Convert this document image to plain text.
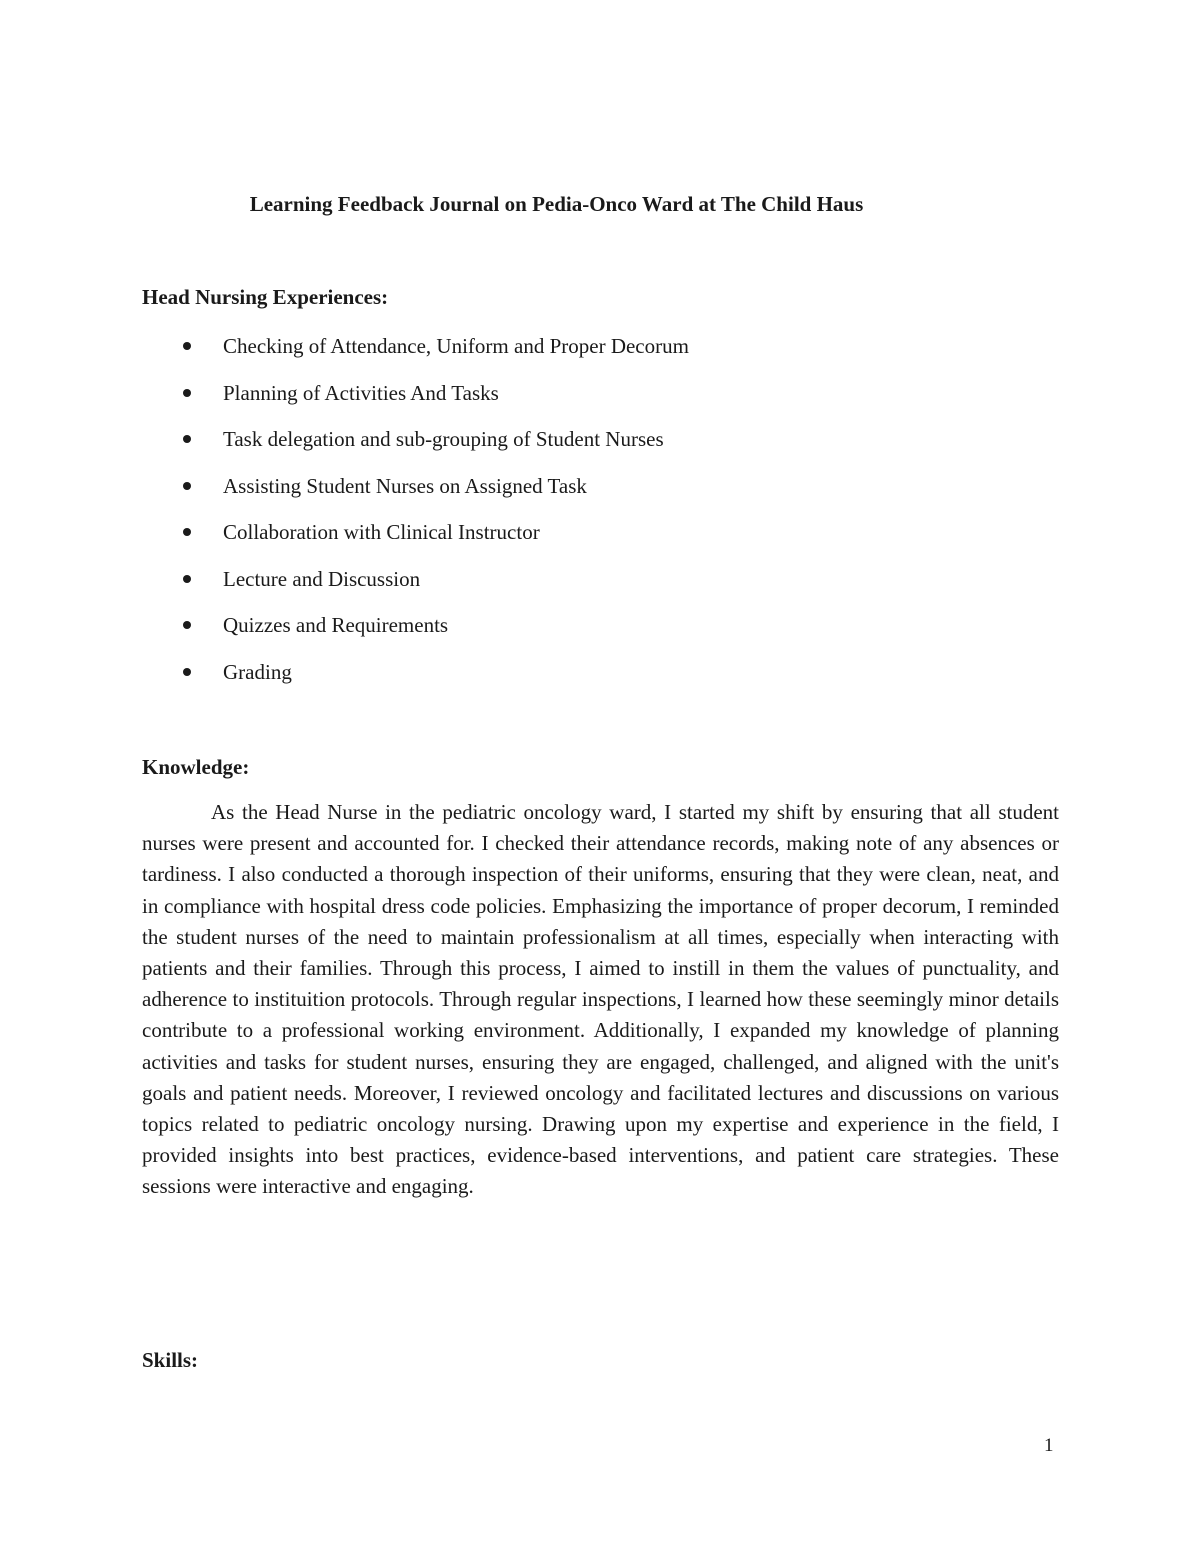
Learning Feedback Journal on Pedia-Onco Ward at The Child Haus
Head Nursing Experiences:
Checking of Attendance, Uniform and Proper Decorum
Planning of Activities And Tasks
Task delegation and sub-grouping of Student Nurses
Assisting Student Nurses on Assigned Task
Collaboration with Clinical Instructor
Lecture and Discussion
Quizzes and Requirements
Grading
Knowledge:

As the Head Nurse in the pediatric oncology ward, I started my shift by ensuring that all student nurses were present and accounted for. I checked their attendance records, making note of any absences or tardiness. I also conducted a thorough inspection of their uniforms, ensuring that they were clean, neat, and in compliance with hospital dress code policies. Emphasizing the importance of proper decorum, I reminded the student nurses of the need to maintain professionalism at all times, especially when interacting with patients and their families. Through this process, I aimed to instill in them the values of punctuality, and adherence to instituition protocols. Through regular inspections, I learned how these seemingly minor details contribute to a professional working environment. Additionally, I expanded my knowledge of planning activities and tasks for student nurses, ensuring they are engaged, challenged, and aligned with the unit's goals and patient needs. Moreover, I reviewed oncology and facilitated lectures and discussions on various topics related to pediatric oncology nursing. Drawing upon my expertise and experience in the field, I provided insights into best practices, evidence-based interventions, and patient care strategies. These sessions were interactive and engaging.

Skills:
1
